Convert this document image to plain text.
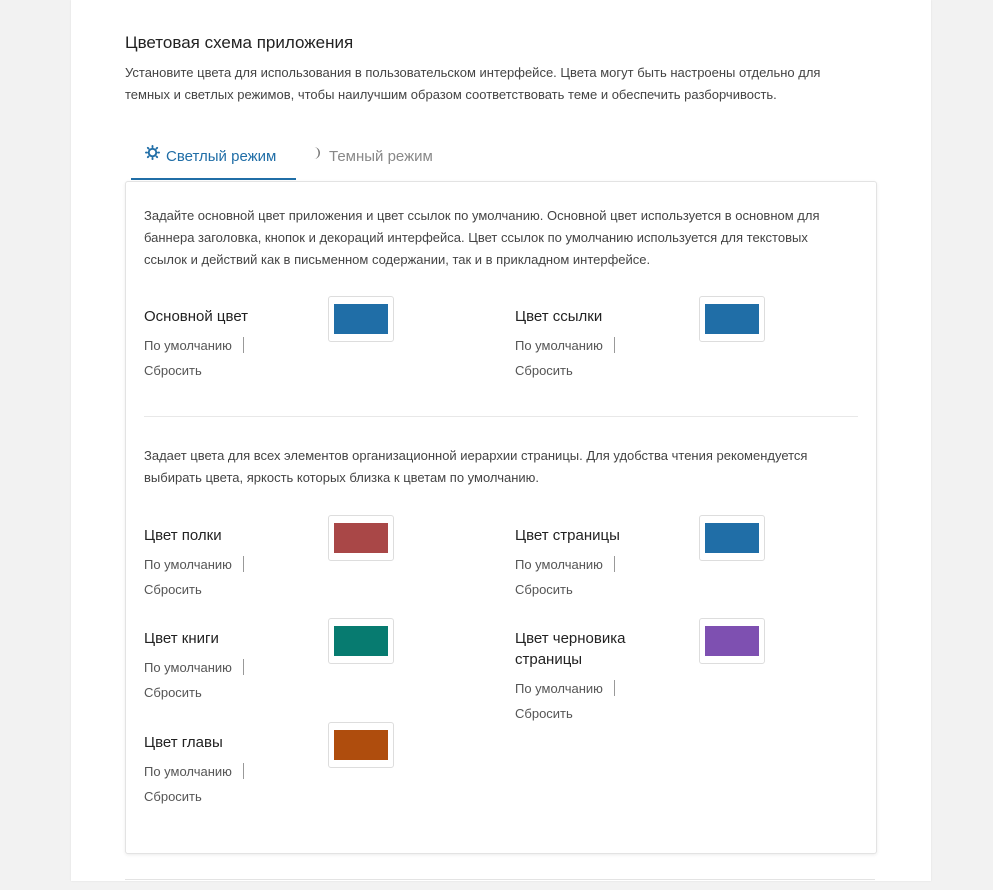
Цветовая схема приложения
Установите цвета для использования в пользовательском интерфейсе. Цвета могут быть настроены отдельно для темных и светлых режимов, чтобы наилучшим образом соответствовать теме и обеспечить разборчивость.
Светлый режим	Темный режим
Задайте основной цвет приложения и цвет ссылок по умолчанию. Основной цвет используется в основном для баннера заголовка, кнопок и декораций интерфейса. Цвет ссылок по умолчанию используется для текстовых ссылок и действий как в письменном содержании, так и в прикладном интерфейсе.
Основной цвет
По умолчанию
Сбросить
Цвет ссылки
По умолчанию
Сбросить
Задает цвета для всех элементов организационной иерархии страницы. Для удобства чтения рекомендуется выбирать цвета, яркость которых близка к цветам по умолчанию.
Цвет полки
По умолчанию
Сбросить
Цвет страницы
По умолчанию
Сбросить
Цвет книги
По умолчанию
Сбросить
Цвет черновика страницы
По умолчанию
Сбросить
Цвет главы
По умолчанию
Сбросить
